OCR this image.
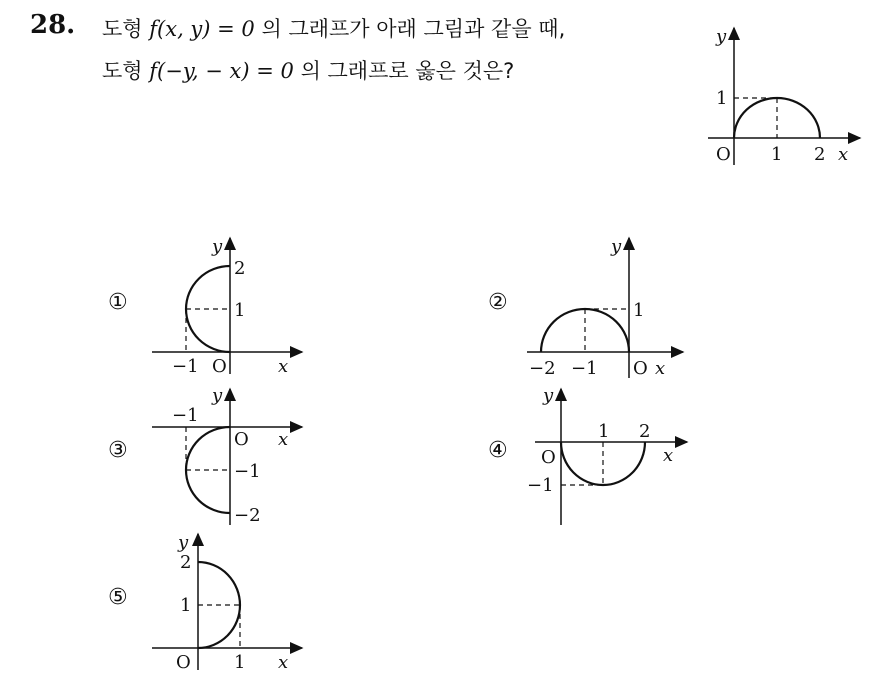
28. 도형 f(x, y) = 0 의 그래프가 아래 그림과 같을 때,
도형 f(−y, − x) = 0 의 그래프로 옳은 것은?
y
1
O 1 2 x
①	②
③	④
⑤
y
2
1
−1 O	x
y
1
−2 −1 O x
y
−1
O x
−1
−2
y
1 2
O	x
−1
y
2
1
O 1 x
